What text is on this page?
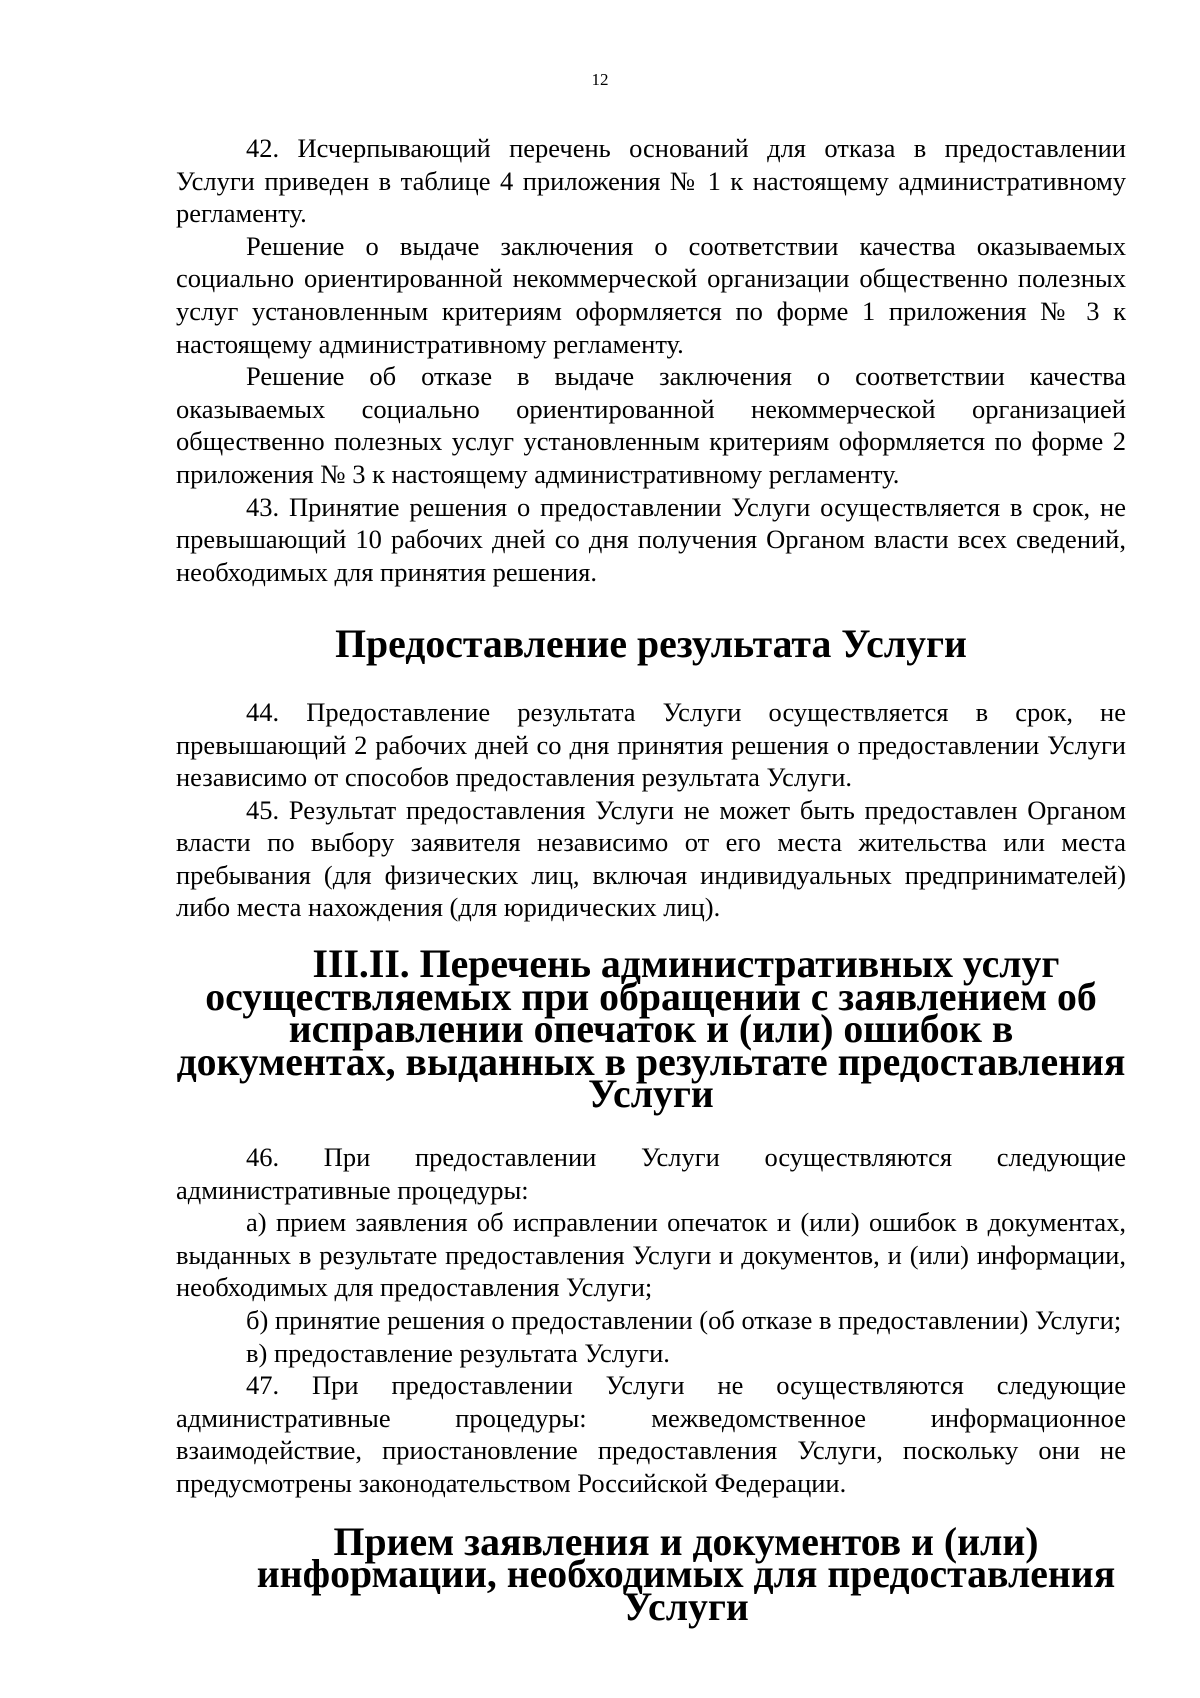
12

42. Исчерпывающий перечень оснований для отказа в предоставлении Услуги приведен в таблице 4 приложения № 1 к настоящему административному регламенту.

Решение о выдаче заключения о соответствии качества оказываемых социально ориентированной некоммерческой организации общественно полезных услуг установленным критериям оформляется по форме 1 приложения № 3 к настоящему административному регламенту.

Решение об отказе в выдаче заключения о соответствии качества оказываемых социально ориентированной некоммерческой организацией общественно полезных услуг установленным критериям оформляется по форме 2 приложения № 3 к настоящему административному регламенту.

43. Принятие решения о предоставлении Услуги осуществляется в срок, не превышающий 10 рабочих дней со дня получения Органом власти всех сведений, необходимых для принятия решения.

Предоставление результата Услуги

44. Предоставление результата Услуги осуществляется в срок, не превышающий 2 рабочих дней со дня принятия решения о предоставлении Услуги независимо от способов предоставления результата Услуги.

45. Результат предоставления Услуги не может быть предоставлен Органом власти по выбору заявителя независимо от его места жительства или места пребывания (для физических лиц, включая индивидуальных предпринимателей) либо места нахождения (для юридических лиц).

III.II. Перечень административных услуг осуществляемых при обращении с заявлением об исправлении опечаток и (или) ошибок в документах, выданных в результате предоставления Услуги

46. При предоставлении Услуги осуществляются следующие административные процедуры:

а) прием заявления об исправлении опечаток и (или) ошибок в документах, выданных в результате предоставления Услуги и документов, и (или) информации, необходимых для предоставления Услуги;

б) принятие решения о предоставлении (об отказе в предоставлении) Услуги;

в) предоставление результата Услуги.

47. При предоставлении Услуги не осуществляются следующие административные процедуры: межведомственное информационное взаимодействие, приостановление предоставления Услуги, поскольку они не предусмотрены законодательством Российской Федерации.

Прием заявления и документов и (или) информации, необходимых для предоставления Услуги
